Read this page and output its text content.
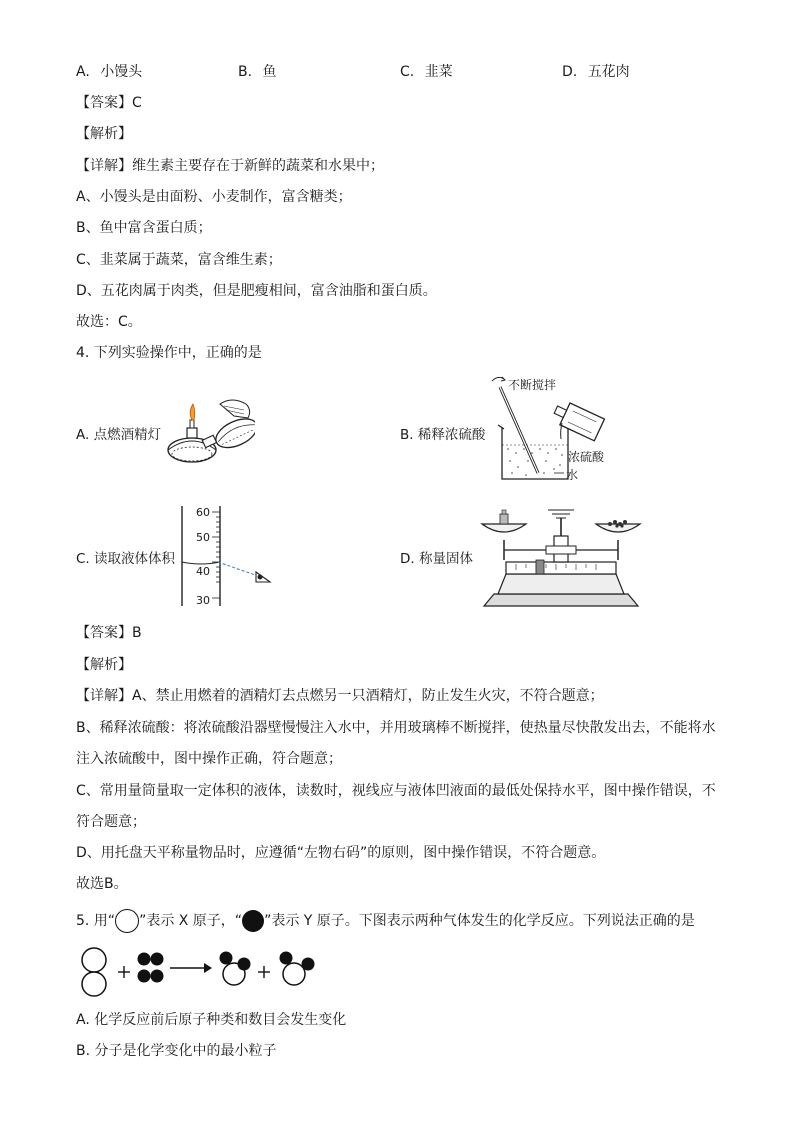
A. 小馒头	B. 鱼	C. 韭菜	D. 五花肉
【答案】C
【解析】
【详解】维生素主要存在于新鲜的蔬菜和水果中；
A、小馒头是由面粉、小麦制作，富含糖类；
B、鱼中富含蛋白质；
C、韭菜属于蔬菜，富含维生素；
D、五花肉属于肉类，但是肥瘦相间，富含油脂和蛋白质。
故选：C。
4. 下列实验操作中，正确的是
A. 点燃酒精灯	B. 稀释浓硫酸
不断搅拌
浓硫酸
水
C. 读取液体体积
60
50
40
30
D. 称量固体
【答案】B
【解析】
【详解】A、禁止用燃着的酒精灯去点燃另一只酒精灯，防止发生火灾，不符合题意；
B、稀释浓硫酸：将浓硫酸沿器壁慢慢注入水中，并用玻璃棒不断搅拌，使热量尽快散发出去，不能将水
注入浓硫酸中，图中操作正确，符合题意；
C、常用量筒量取一定体积的液体，读数时，视线应与液体凹液面的最低处保持水平，图中操作错误，不
符合题意；
D、用托盘天平称量物品时，应遵循“左物右码”的原则，图中操作错误，不符合题意。
故选B。
5. 用“ ”表示 X 原子，“ ”表示 Y 原子。下图表示两种气体发生的化学反应。下列说法正确的是
A. 化学反应前后原子种类和数目会发生变化
B. 分子是化学变化中的最小粒子
